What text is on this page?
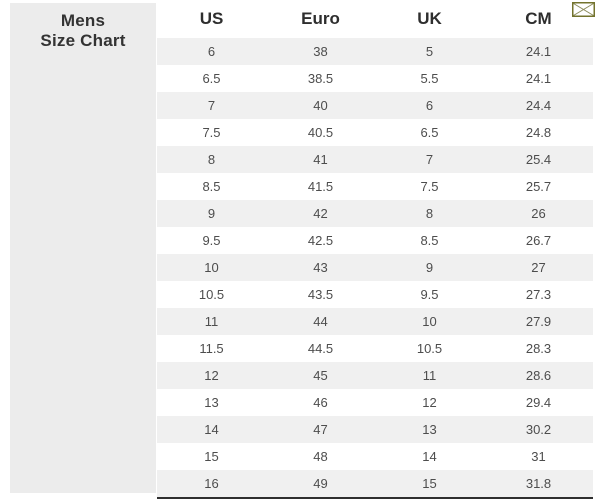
Mens
Size Chart
US	Euro	UK	CM
6	38	5	24.1
6.5	38.5	5.5	24.1
7	40	6	24.4
7.5	40.5	6.5	24.8
8	41	7	25.4
8.5	41.5	7.5	25.7
9	42	8	26
9.5	42.5	8.5	26.7
10	43	9	27
10.5	43.5	9.5	27.3
11	44	10	27.9
11.5	44.5	10.5	28.3
12	45	11	28.6
13	46	12	29.4
14	47	13	30.2
15	48	14	31
16	49	15	31.8
